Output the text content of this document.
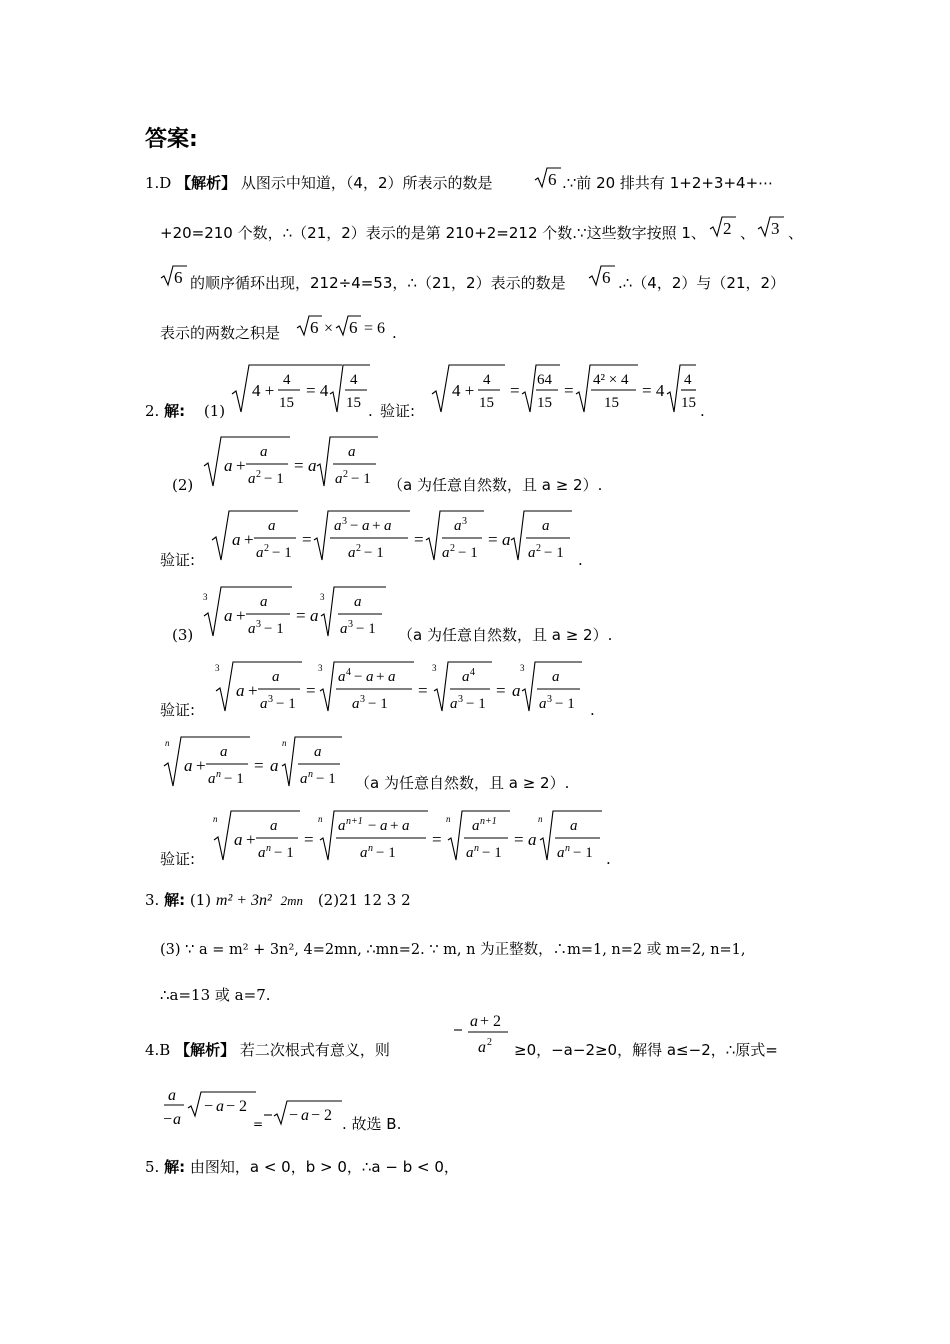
答案:
1.D 【解析】 从图示中知道，（4，2）所表示的数是	6 .∵前 20 排共有 1+2+3+4+⋯
+20=210 个数，∴（21，2）表示的是第 210+2=212 个数.∵这些数字按照 1、 2 、 3 、
6 的顺序循环出现，212÷4=53，∴（21，2）表示的数是 6 .∴（4，2）与（21，2）
表示的两数之积是 6 × 6 = 6 .
2. 解: (1)
4 +
4
15
= 4
4
15 . 验证:
4 +
4
15
=
64
15
=
4² × 4
15
= 4
4
15 .
(2)
a +
a
a 2 − 1
= a
a
a 2 − 1 （a 为任意自然数，且 a ≥ 2）.
验证:
a +
a
a 2 − 1
=
a 3 − a + a
a 2 − 1
=
a 3
a 2 − 1
= a
a
a 2 − 1 .
(3)
3
a +
a
a 3 − 1
= a
3 a
a 3 − 1 （a 为任意自然数，且 a ≥ 2）.
验证:
3
a +
a
a 3 − 1
=
3
a 4 − a + a
a 3 − 1
=
3
a 4
a 3 − 1
= a
3
a
a 3 − 1 .
n
a +
a
a n − 1
= a
n
a
a n − 1 （a 为任意自然数，且 a ≥ 2）.
验证:
n
a +
a
a n − 1
=
n a n+1 − a + a
a n − 1
=
n a n+1
a n − 1
= a
n a
a n − 1 .
3. 解: (1) m² + 3n² 2mn (2)21 12 3 2
(3) ∵ a = m² + 3n², 4=2mn, ∴mn=2. ∵ m, n 为正整数，∴m=1, n=2 或 m=2, n=1,
∴a=13 或 a=7.
4.B 【解析】 若二次根式有意义，则
a + 2
a 2 ≥0，−a−2≥0，解得 a≤−2，∴原式=
a
− a
− a − 2
= − a − 2 . 故选 B.
5. 解: 由图知，a < 0，b > 0，∴a − b < 0，
